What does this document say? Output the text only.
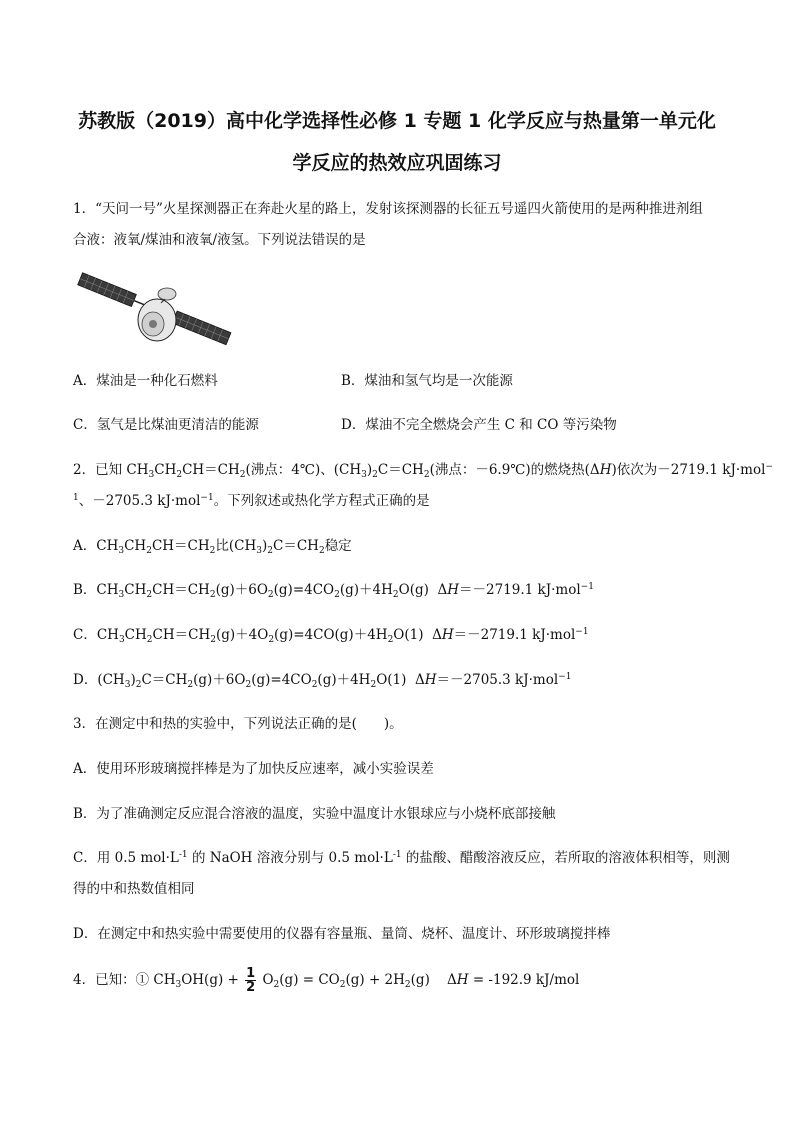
苏教版（2019）高中化学选择性必修 1 专题 1 化学反应与热量第一单元化
学反应的热效应巩固练习
1．“天问一号”火星探测器正在奔赴火星的路上，发射该探测器的长征五号遥四火箭使用的是两种推进剂组
合液：液氧/煤油和液氧/液氢。下列说法错误的是
A．煤油是一种化石燃料	B．煤油和氢气均是一次能源
C．氢气是比煤油更清洁的能源	D．煤油不完全燃烧会产生 C 和 CO 等污染物
2．已知 $CH_3CH_2CH=CH_2$(沸点：4℃)、$(CH_3)_2C=CH_2$(沸点：－6.9℃)的燃烧热(ΔH)依次为－2719.1 kJ·mol−
$^1$、－2705.3 kJ·mol$^{-1}$。下列叙述或热化学方程式正确的是
A．$CH_3CH_2CH=CH_2$比$(CH_3)_2C=CH_2$稳定
B．$CH_3CH_2CH=CH_2(g)+6O_2(g)=4CO_2(g)+4H_2O(g)$  ΔH＝－2719.1 kJ·mol$^{-1}$
C．$CH_3CH_2CH=CH_2(g)+4O_2(g)=4CO(g)+4H_2O(1)$  ΔH＝－2719.1 kJ·mol$^{-1}$
D．$(CH_3)_2C=CH_2(g)+6O_2(g)=4CO_2(g)+4H_2O(1)$  ΔH＝－2705.3 kJ·mol$^{-1}$
3．在测定中和热的实验中，下列说法正确的是(　　)。
A．使用环形玻璃搅拌棒是为了加快反应速率，减小实验误差
B．为了准确测定反应混合溶液的温度，实验中温度计水银球应与小烧杯底部接触
C．用 0.5 $mol\cdot L^{-1}$ 的 NaOH 溶液分别与 0.5 $mol\cdot L^{-1}$ 的盐酸、醋酸溶液反应，若所取的溶液体积相等，则测
得的中和热数值相同
D．在测定中和热实验中需要使用的仪器有容量瓶、量筒、烧杯、温度计、环形玻璃搅拌棒
4．已知：① $CH_3OH(g) + \frac{1}{2} O_2(g) = CO_2(g) + 2H_2(g)$    ΔH = -192.9 kJ/mol
